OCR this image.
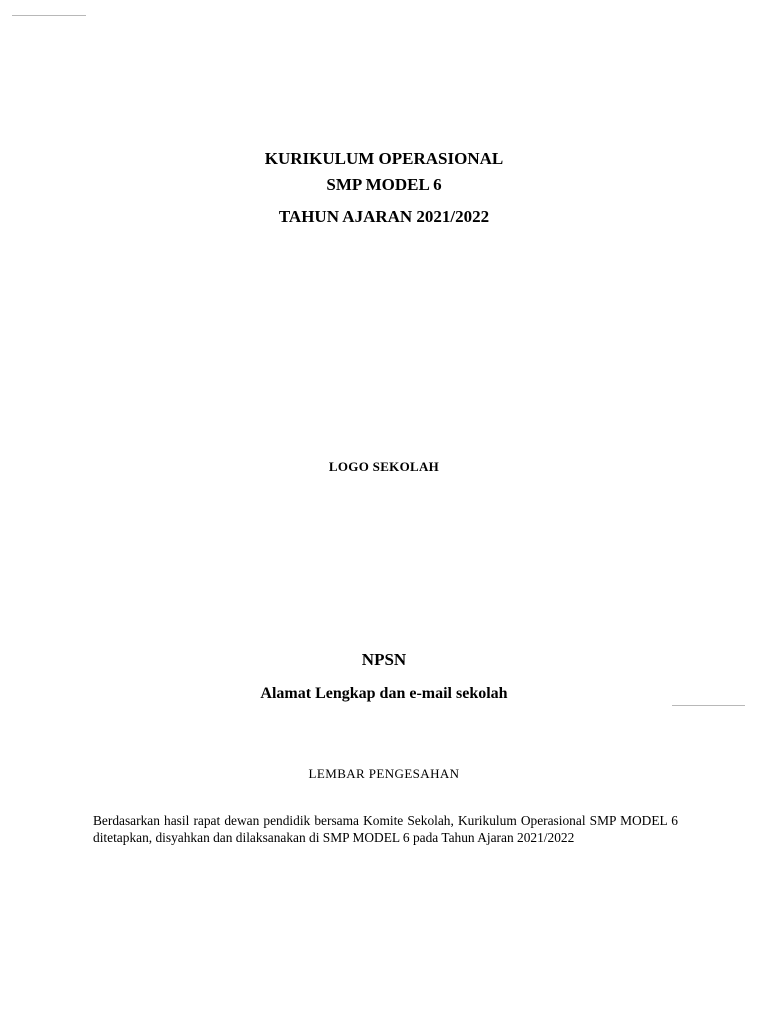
KURIKULUM OPERASIONAL
SMP MODEL 6
TAHUN AJARAN 2021/2022
LOGO SEKOLAH
NPSN
Alamat Lengkap dan e-mail sekolah
LEMBAR PENGESAHAN
Berdasarkan hasil rapat dewan pendidik bersama Komite Sekolah, Kurikulum Operasional SMP MODEL 6 ditetapkan, disyahkan dan dilaksanakan di SMP MODEL 6 pada Tahun Ajaran 2021/2022
